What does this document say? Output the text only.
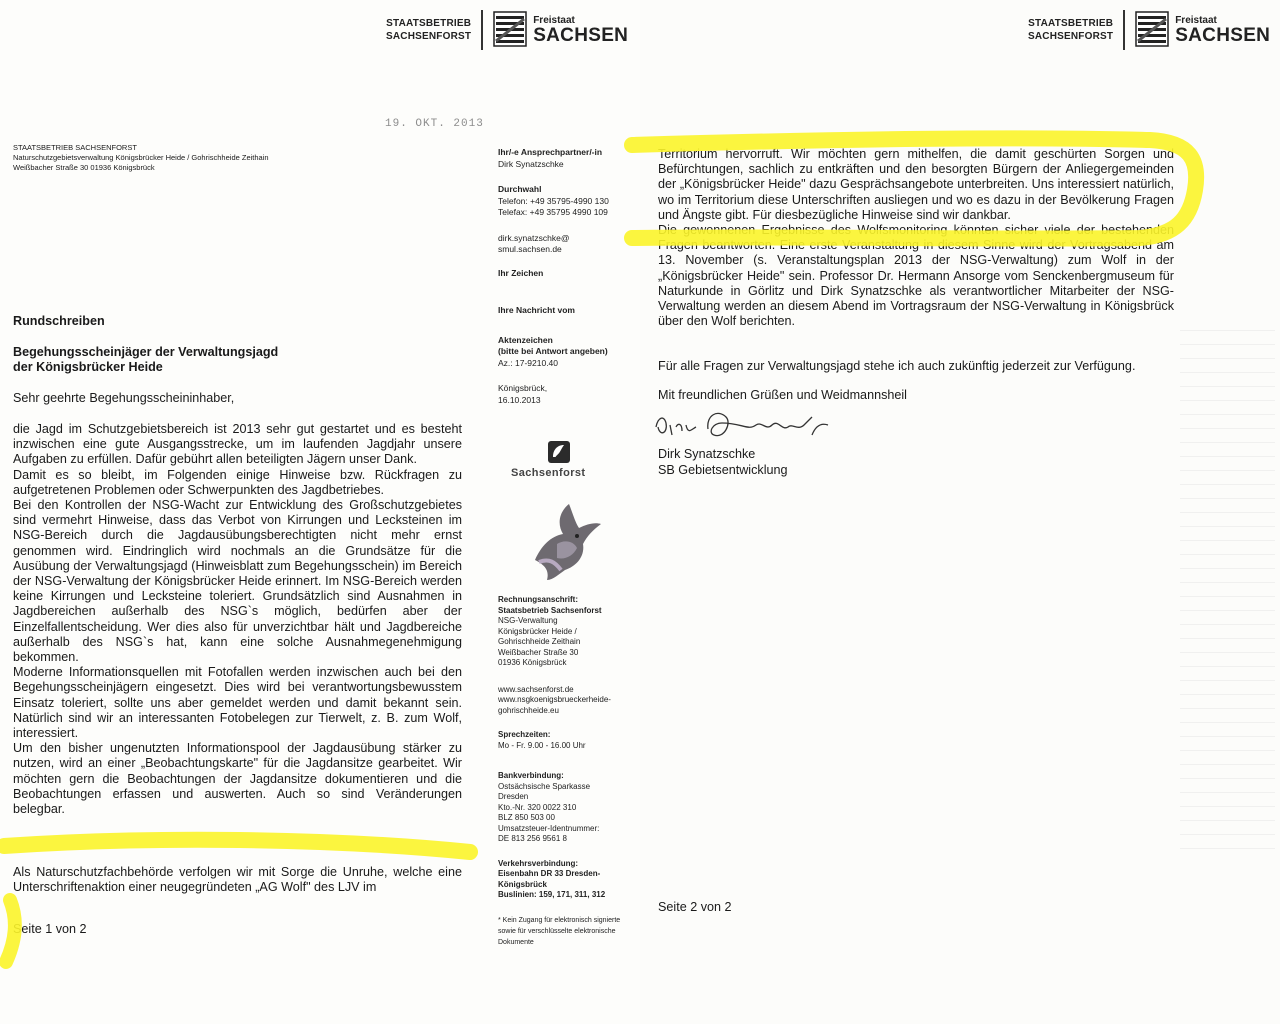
STAATSBETRIEB
SACHSENFORST
Freistaat
SACHSEN
STAATSBETRIEB
SACHSENFORST
Freistaat
SACHSEN
19. OKT. 2013
STAATSBETRIEB SACHSENFORST
Naturschutzgebietsverwaltung Königsbrücker Heide / Gohrischheide Zeithain
Weißbacher Straße 30 01936 Königsbrück
Ihr/-e Ansprechpartner/-in
Dirk Synatzschke
Durchwahl
Telefon: +49 35795-4990 130
Telefax: +49 35795 4990 109
dirk.synatzschke@
smul.sachsen.de
Ihr Zeichen
Ihre Nachricht vom
Aktenzeichen
(bitte bei Antwort angeben)
Az.: 17-9210.40
Königsbrück,
16.10.2013
Sachsenforst
Rechnungsanschrift:
Staatsbetrieb Sachsenforst
NSG-Verwaltung
Königsbrücker Heide /
Gohrischheide Zeithain
Weißbacher Straße 30
01936 Königsbrück
www.sachsenforst.de
www.nsgkoenigsbrueckerheide-
gohrischheide.eu
Sprechzeiten:
Mo - Fr. 9.00 - 16.00 Uhr
Bankverbindung:
Ostsächsische Sparkasse
Dresden
Kto.-Nr. 320 0022 310
BLZ 850 503 00
Umsatzsteuer-Identnummer:
DE 813 256 9561 8
Verkehrsverbindung:
Eisenbahn DR 33 Dresden-
Königsbrück
Buslinien: 159, 171, 311, 312
* Kein Zugang für elektronisch signierte
sowie für verschlüsselte elektronische
Dokumente
Rundschreiben
Begehungsscheinjäger der Verwaltungsjagd
der Königsbrücker Heide
Sehr geehrte Begehungsscheininhaber,
die Jagd im Schutzgebietsbereich ist 2013 sehr gut gestartet und es besteht inzwischen eine gute Ausgangsstrecke, um im laufenden Jagdjahr unsere Aufgaben zu erfüllen. Dafür gebührt allen beteiligten Jägern unser Dank.
Damit es so bleibt, im Folgenden einige Hinweise bzw. Rückfragen zu aufgetretenen Problemen oder Schwerpunkten des Jagdbetriebes.
Bei den Kontrollen der NSG-Wacht zur Entwicklung des Großschutzgebietes sind vermehrt Hinweise, dass das Verbot von Kirrungen und Lecksteinen im NSG-Bereich durch die Jagdausübungsberechtigten nicht mehr ernst genommen wird. Eindringlich wird nochmals an die Grundsätze für die Ausübung der Verwaltungsjagd (Hinweisblatt zum Begehungsschein) im Bereich der NSG-Verwaltung der Königsbrücker Heide erinnert. Im NSG-Bereich werden keine Kirrungen und Lecksteine toleriert. Grundsätzlich sind Ausnahmen in Jagdbereichen außerhalb des NSG`s möglich, bedürfen aber der Einzelfallentscheidung. Wer dies also für unverzichtbar hält und Jagdbereiche außerhalb des NSG`s hat, kann eine solche Ausnahmegenehmigung bekommen.
Moderne Informationsquellen mit Fotofallen werden inzwischen auch bei den Begehungsscheinjägern eingesetzt. Dies wird bei verantwortungsbewusstem Einsatz toleriert, sollte uns aber gemeldet werden und damit bekannt sein. Natürlich sind wir an interessanten Fotobelegen zur Tierwelt, z. B. zum Wolf, interessiert.
Um den bisher ungenutzten Informationspool der Jagdausübung stärker zu nutzen, wird an einer „Beobachtungskarte" für die Jagdansitze gearbeitet. Wir möchten gern die Beobachtungen der Jagdansitze dokumentieren und die Beobachtungen erfassen und auswerten. Auch so sind Veränderungen belegbar.
Als Naturschutzfachbehörde verfolgen wir mit Sorge die Unruhe, welche eine Unterschriftenaktion einer neugegründeten „AG Wolf" des LJV im
Seite 1 von 2
Territorium hervorruft. Wir möchten gern mithelfen, die damit geschürten Sorgen und Befürchtungen, sachlich zu entkräften und den besorgten Bürgern der Anliegergemeinden der „Königsbrücker Heide" dazu Gesprächsangebote unterbreiten. Uns interessiert natürlich, wo im Territorium diese Unterschriften ausliegen und wo es dazu in der Bevölkerung Fragen und Ängste gibt. Für diesbezügliche Hinweise sind wir dankbar.
Die gewonnenen Ergebnisse des Wolfsmonitoring könnten sicher viele der bestehenden Fragen beantworten. Eine erste Veranstaltung in diesem Sinne wird der Vortragsabend am 13. November (s. Veranstaltungsplan 2013 der NSG-Verwaltung) zum Wolf in der „Königsbrücker Heide" sein. Professor Dr. Hermann Ansorge vom Senckenbergmuseum für Naturkunde in Görlitz und Dirk Synatzschke als verantwortlicher Mitarbeiter der NSG-Verwaltung werden an diesem Abend im Vortragsraum der NSG-Verwaltung in Königsbrück über den Wolf berichten.
Für alle Fragen zur Verwaltungsjagd stehe ich auch zukünftig jederzeit zur Verfügung.
Mit freundlichen Grüßen und Weidmannsheil
Dirk Synatzschke
SB Gebietsentwicklung
Seite 2 von 2
